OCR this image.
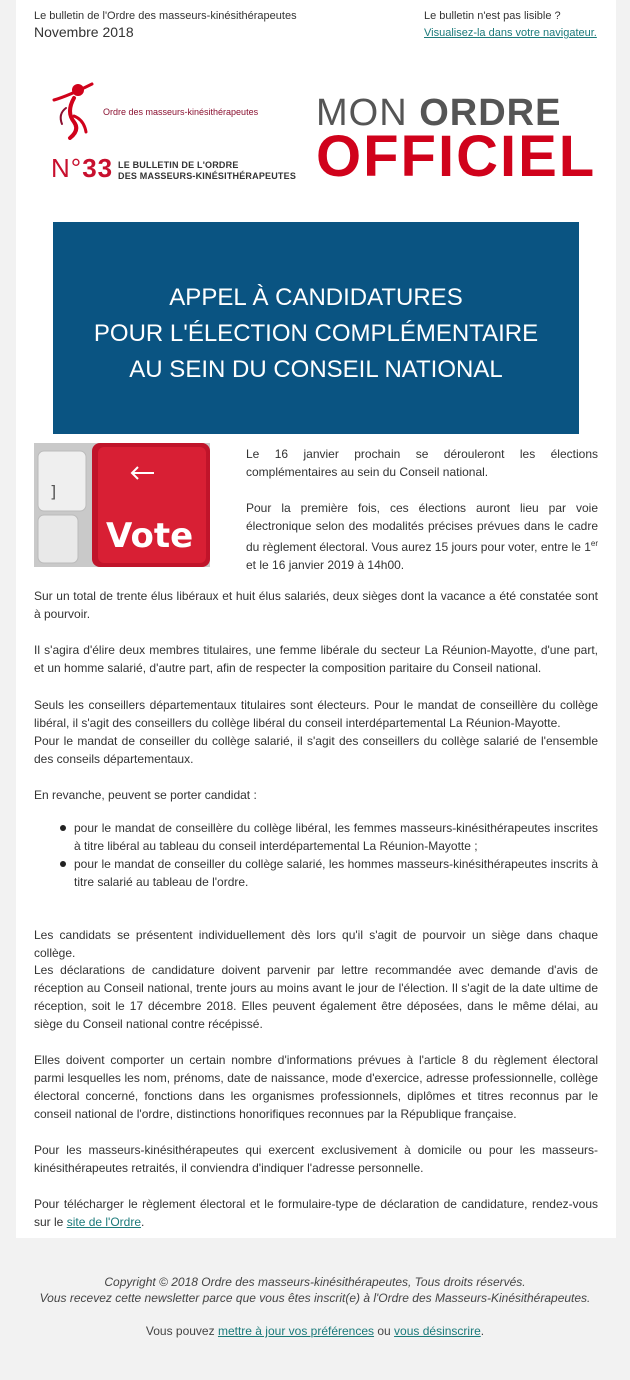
Le bulletin de l'Ordre des masseurs-kinésithérapeutes
Novembre 2018
Le bulletin n'est pas lisible ?
Visualisez-la dans votre navigateur.
Ordre des masseurs-kinésithérapeutes
N°33 LE BULLETIN DE L'ORDRE
DES MASSEURS-KINÉSITHÉRAPEUTES
MON ORDRE
OFFICIEL
APPEL À CANDIDATURES
POUR L'ÉLECTION COMPLÉMENTAIRE
AU SEIN DU CONSEIL NATIONAL
]
Vote
Le 16 janvier prochain se dérouleront les élections complémentaires au sein du Conseil national.
Pour la première fois, ces élections auront lieu par voie électronique selon des modalités précises prévues dans le cadre du règlement électoral. Vous aurez 15 jours pour voter, entre le 1er et le 16 janvier 2019 à 14h00.
Sur un total de trente élus libéraux et huit élus salariés, deux sièges dont la vacance a été constatée sont à pourvoir.
Il s'agira d'élire deux membres titulaires, une femme libérale du secteur La Réunion-Mayotte, d'une part, et un homme salarié, d'autre part, afin de respecter la composition paritaire du Conseil national.
Seuls les conseillers départementaux titulaires sont électeurs. Pour le mandat de conseillère du collège libéral, il s'agit des conseillers du collège libéral du conseil interdépartemental La Réunion-Mayotte.
Pour le mandat de conseiller du collège salarié, il s'agit des conseillers du collège salarié de l'ensemble des conseils départementaux.
En revanche, peuvent se porter candidat :
pour le mandat de conseillère du collège libéral, les femmes masseurs-kinésithérapeutes inscrites à titre libéral au tableau du conseil interdépartemental La Réunion-Mayotte ;
pour le mandat de conseiller du collège salarié, les hommes masseurs-kinésithérapeutes inscrits à titre salarié au tableau de l'ordre.
Les candidats se présentent individuellement dès lors qu'il s'agit de pourvoir un siège dans chaque collège.
Les déclarations de candidature doivent parvenir par lettre recommandée avec demande d'avis de réception au Conseil national, trente jours au moins avant le jour de l'élection. Il s'agit de la date ultime de réception, soit le 17 décembre 2018. Elles peuvent également être déposées, dans le même délai, au siège du Conseil national contre récépissé.
Elles doivent comporter un certain nombre d'informations prévues à l'article 8 du règlement électoral parmi lesquelles les nom, prénoms, date de naissance, mode d'exercice, adresse professionnelle, collège électoral concerné, fonctions dans les organismes professionnels, diplômes et titres reconnus par le conseil national de l'ordre, distinctions honorifiques reconnues par la République française.
Pour les masseurs-kinésithérapeutes qui exercent exclusivement à domicile ou pour les masseurs-kinésithérapeutes retraités, il conviendra d'indiquer l'adresse personnelle.
Pour télécharger le règlement électoral et le formulaire-type de déclaration de candidature, rendez-vous sur le site de l'Ordre.
Copyright © 2018 Ordre des masseurs-kinésithérapeutes, Tous droits réservés.
Vous recevez cette newsletter parce que vous êtes inscrit(e) à l'Ordre des Masseurs-Kinésithérapeutes.
Vous pouvez mettre à jour vos préférences ou vous désinscrire.
